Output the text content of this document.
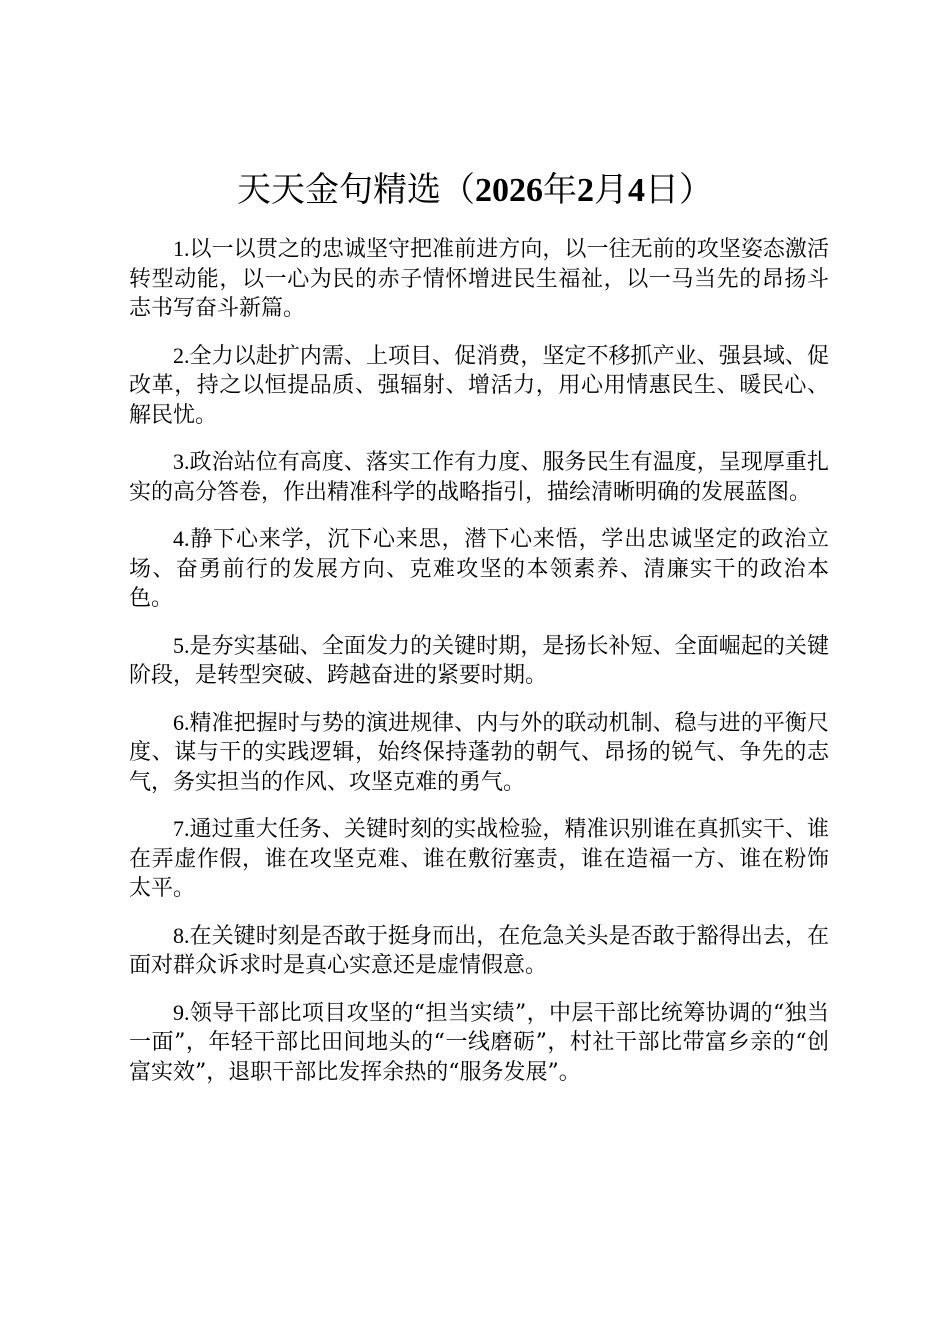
天天金句精选（2026年2月4日）

1.以一以贯之的忠诚坚守把准前进方向，以一往无前的攻坚姿态激活转型动能，以一心为民的赤子情怀增进民生福祉，以一马当先的昂扬斗志书写奋斗新篇。

2.全力以赴扩内需、上项目、促消费，坚定不移抓产业、强县域、促改革，持之以恒提品质、强辐射、增活力，用心用情惠民生、暖民心、解民忧。

3.政治站位有高度、落实工作有力度、服务民生有温度，呈现厚重扎实的高分答卷，作出精准科学的战略指引，描绘清晰明确的发展蓝图。

4.静下心来学，沉下心来思，潜下心来悟，学出忠诚坚定的政治立场、奋勇前行的发展方向、克难攻坚的本领素养、清廉实干的政治本色。

5.是夯实基础、全面发力的关键时期，是扬长补短、全面崛起的关键阶段，是转型突破、跨越奋进的紧要时期。

6.精准把握时与势的演进规律、内与外的联动机制、稳与进的平衡尺度、谋与干的实践逻辑，始终保持蓬勃的朝气、昂扬的锐气、争先的志气，务实担当的作风、攻坚克难的勇气。

7.通过重大任务、关键时刻的实战检验，精准识别谁在真抓实干、谁在弄虚作假，谁在攻坚克难、谁在敷衍塞责，谁在造福一方、谁在粉饰太平。

8.在关键时刻是否敢于挺身而出，在危急关头是否敢于豁得出去，在面对群众诉求时是真心实意还是虚情假意。

9.领导干部比项目攻坚的“担当实绩”，中层干部比统筹协调的“独当一面”，年轻干部比田间地头的“一线磨砺”，村社干部比带富乡亲的“创富实效”，退职干部比发挥余热的“服务发展”。
